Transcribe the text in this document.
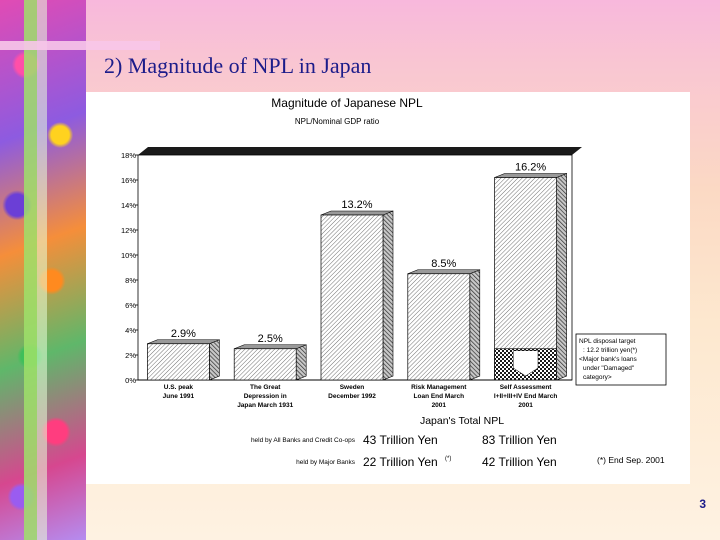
2) Magnitude of NPL in Japan
Magnitude of Japanese NPL
NPL/Nominal GDP ratio
0%
2%
4%
6%
8%
10%
12%
14%
16%
18%
2.9%	2.5%
13.2%
8.5%
16.2%
U.S. peak
June 1991
The Great
Depression in
Japan March 1931
Sweden
December 1992
Risk Management
Loan End March
2001
Self Assessment
I+II+III+IV End March
2001
NPL disposal target
: 12.2 trillion yen(*)
<Major bank's loans
under "Damaged"
category>
Japan's Total NPL
held by All Banks and Credit Co-ops 43 Trillion Yen	83 Trillion Yen
held by Major Banks 22 Trillion Yen (*)	42 Trillion Yen	(*) End Sep. 2001
3
